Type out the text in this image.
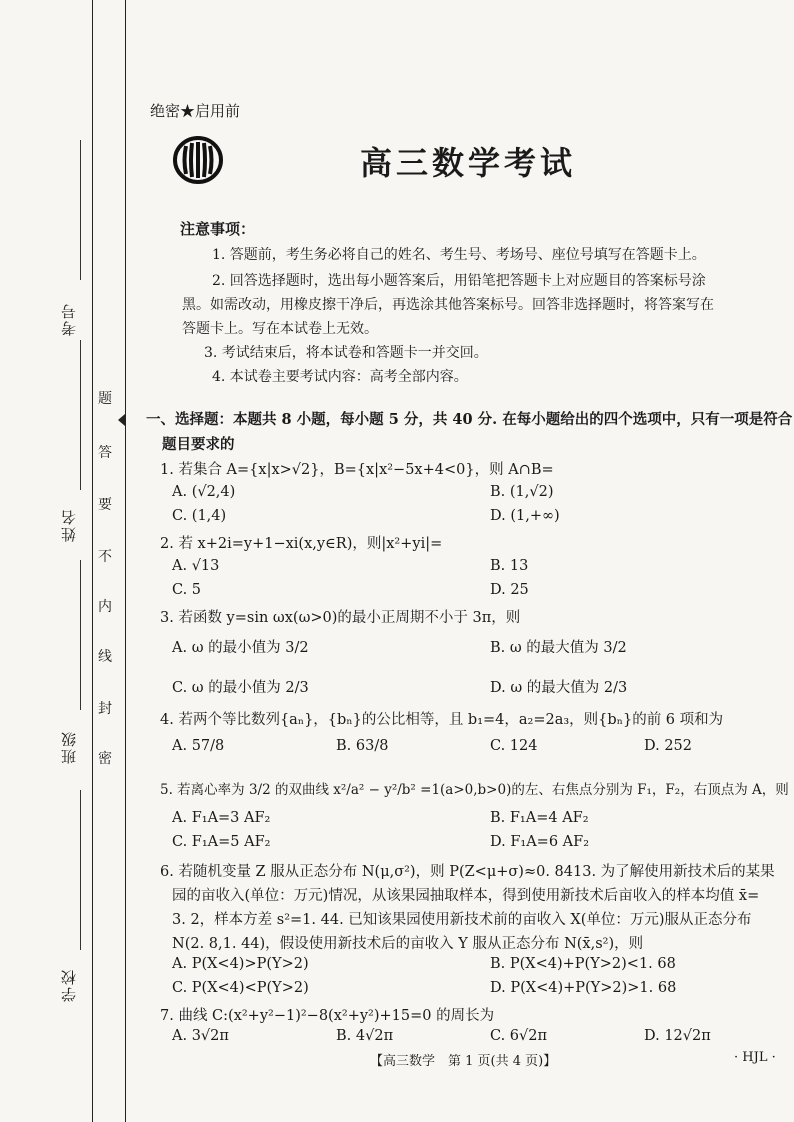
考号
姓名
班级
学校
题
答
要
不
内
线
封
密
绝密★启用前
高三数学考试
注意事项：
1. 答题前，考生务必将自己的姓名、考生号、考场号、座位号填写在答题卡上。
2. 回答选择题时，选出每小题答案后，用铅笔把答题卡上对应题目的答案标号涂
黑。如需改动，用橡皮擦干净后，再选涂其他答案标号。回答非选择题时，将答案写在
答题卡上。写在本试卷上无效。
3. 考试结束后，将本试卷和答题卡一并交回。
4. 本试卷主要考试内容：高考全部内容。
一、选择题：本题共 8 小题，每小题 5 分，共 40 分. 在每小题给出的四个选项中，只有一项是符合
题目要求的
1. 若集合 A={x|x>√2}，B={x|x²−5x+4<0}，则 A∩B=
A. (√2,4)	B. (1,√2)
C. (1,4)	D. (1,+∞)
2. 若 x+2i=y+1−xi(x,y∈R)，则|x²+yi|=
A. √13	B. 13
C. 5	D. 25
3. 若函数 y=sin ωx(ω>0)的最小正周期不小于 3π，则
A. ω 的最小值为 3/2	B. ω 的最大值为 3/2
C. ω 的最小值为 2/3	D. ω 的最大值为 2/3
4. 若两个等比数列{aₙ}，{bₙ}的公比相等，且 b₁=4，a₂=2a₃，则{bₙ}的前 6 项和为
A. 57/8	B. 63/8	C. 124	D. 252
5. 若离心率为 3/2 的双曲线 x²/a² − y²/b² =1(a>0,b>0)的左、右焦点分别为 F₁，F₂，右顶点为 A，则
A. F₁A=3 AF₂	B. F₁A=4 AF₂
C. F₁A=5 AF₂	D. F₁A=6 AF₂
6. 若随机变量 Z 服从正态分布 N(μ,σ²)，则 P(Z<μ+σ)≈0. 8413. 为了解使用新技术后的某果
园的亩收入(单位：万元)情况，从该果园抽取样本，得到使用新技术后亩收入的样本均值 x̄=
3. 2，样本方差 s²=1. 44. 已知该果园使用新技术前的亩收入 X(单位：万元)服从正态分布
N(2. 8,1. 44)，假设使用新技术后的亩收入 Y 服从正态分布 N(x̄,s²)，则
A. P(X<4)>P(Y>2)	B. P(X<4)+P(Y>2)<1. 68
C. P(X<4)<P(Y>2)	D. P(X<4)+P(Y>2)>1. 68
7. 曲线 C:(x²+y²−1)²−8(x²+y²)+15=0 的周长为
A. 3√2π	B. 4√2π	C. 6√2π	D. 12√2π
【高三数学　第 1 页(共 4 页)】	· HJL ·
